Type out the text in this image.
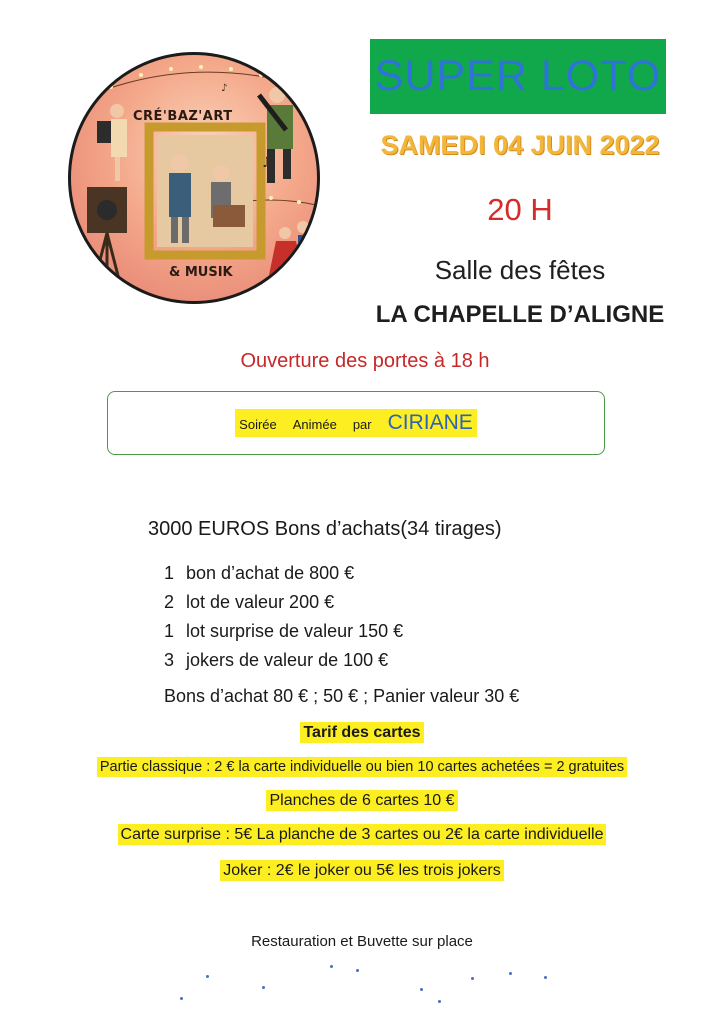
♫
♪
CRÉ'BAZ'ART
& MUSIK
SUPER LOTO
SAMEDI 04 JUIN 2022
20 H
Salle des fêtes
LA CHAPELLE D’ALIGNE
Ouverture des portes à 18 h
Soirée Animée par CIRIANE
3000 EUROS Bons d’achats(34 tirages)
1 bon d’achat de 800 €
2 lot de valeur 200 €
1 lot surprise de valeur 150 €
3 jokers de valeur de 100 €
Bons d’achat 80 € ; 50 € ; Panier valeur 30 €
Tarif des cartes
Partie classique : 2 € la carte individuelle ou bien 10 cartes achetées = 2 gratuites
Planches de 6 cartes 10 €
Carte surprise : 5€ La planche de 3 cartes ou 2€ la carte individuelle
Joker : 2€ le joker ou 5€ les trois jokers
Restauration et Buvette sur place
